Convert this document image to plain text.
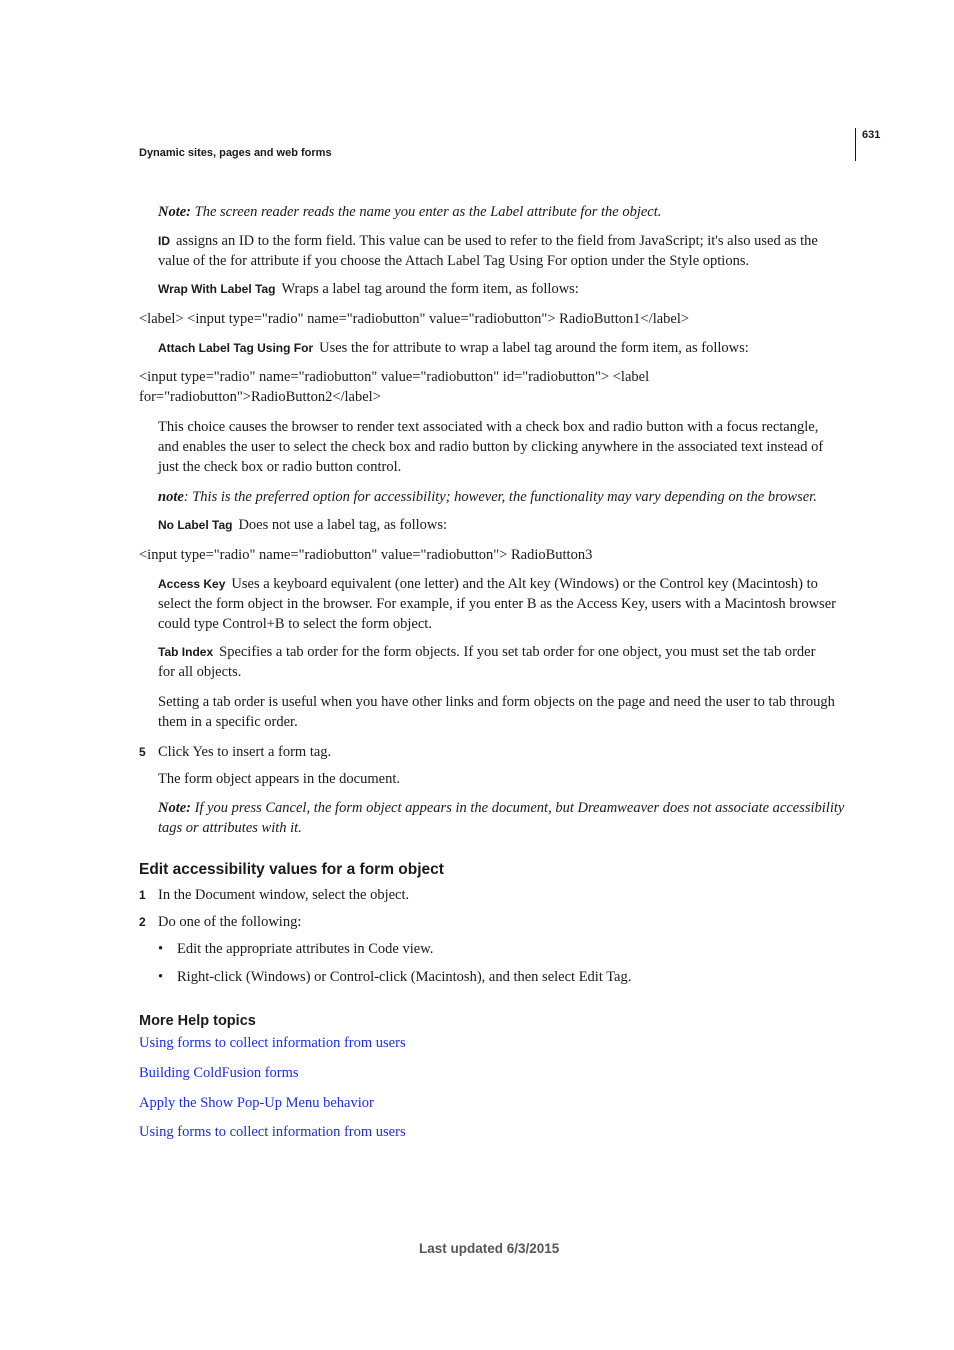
Dynamic sites, pages and web forms
631
Note: The screen reader reads the name you enter as the Label attribute for the object.
ID assigns an ID to the form field. This value can be used to refer to the field from JavaScript; it's also used as the
value of the for attribute if you choose the Attach Label Tag Using For option under the Style options.
Wrap With Label Tag Wraps a label tag around the form item, as follows:
<label> <input type="radio" name="radiobutton" value="radiobutton"> RadioButton1</label>
Attach Label Tag Using For Uses the for attribute to wrap a label tag around the form item, as follows:
<input type="radio" name="radiobutton" value="radiobutton" id="radiobutton"> <label
for="radiobutton">RadioButton2</label>
This choice causes the browser to render text associated with a check box and radio button with a focus rectangle,
and enables the user to select the check box and radio button by clicking anywhere in the associated text instead of
just the check box or radio button control.
note: This is the preferred option for accessibility; however, the functionality may vary depending on the browser.
No Label Tag Does not use a label tag, as follows:
<input type="radio" name="radiobutton" value="radiobutton"> RadioButton3
Access Key Uses a keyboard equivalent (one letter) and the Alt key (Windows) or the Control key (Macintosh) to
select the form object in the browser. For example, if you enter B as the Access Key, users with a Macintosh browser
could type Control+B to select the form object.
Tab Index Specifies a tab order for the form objects. If you set tab order for one object, you must set the tab order
for all objects.
Setting a tab order is useful when you have other links and form objects on the page and need the user to tab through
them in a specific order.
5 Click Yes to insert a form tag.
The form object appears in the document.
Note: If you press Cancel, the form object appears in the document, but Dreamweaver does not associate accessibility
tags or attributes with it.
Edit accessibility values for a form object
1 In the Document window, select the object.
2 Do one of the following:
• Edit the appropriate attributes in Code view.
• Right-click (Windows) or Control-click (Macintosh), and then select Edit Tag.
More Help topics
Using forms to collect information from users
Building ColdFusion forms
Apply the Show Pop-Up Menu behavior
Using forms to collect information from users
Last updated 6/3/2015
